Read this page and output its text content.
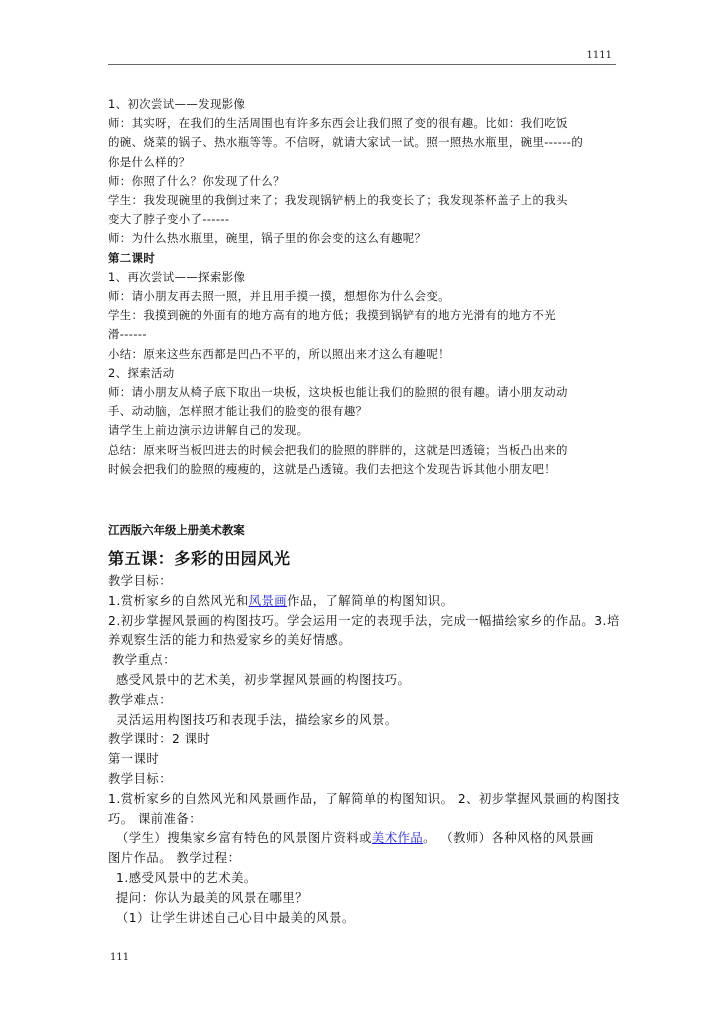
1111

1、初次尝试——发现影像

师：其实呀，在我们的生活周围也有许多东西会让我们照了变的很有趣。比如：我们吃饭

的碗、烧菜的锅子、热水瓶等等。不信呀，就请大家试一试。照一照热水瓶里，碗里------的

你是什么样的？

师：你照了什么？你发现了什么？

学生：我发现碗里的我倒过来了；我发现锅铲柄上的我变长了；我发现茶杯盖子上的我头

变大了脖子变小了------

师：为什么热水瓶里，碗里，锅子里的你会变的这么有趣呢？

第二课时

1、再次尝试——探索影像

师：请小朋友再去照一照，并且用手摸一摸，想想你为什么会变。

学生：我摸到碗的外面有的地方高有的地方低；我摸到锅铲有的地方光滑有的地方不光

滑------

小结：原来这些东西都是凹凸不平的，所以照出来才这么有趣呢！

2、探索活动

师：请小朋友从椅子底下取出一块板，这块板也能让我们的脸照的很有趣。请小朋友动动

手、动动脑，怎样照才能让我们的脸变的很有趣？

请学生上前边演示边讲解自己的发现。

总结：原来呀当板凹进去的时候会把我们的脸照的胖胖的，这就是凹透镜；当板凸出来的

时候会把我们的脸照的瘦瘦的，这就是凸透镜。我们去把这个发现告诉其他小朋友吧！

江西版六年级上册美术教案

第五课：多彩的田园风光

教学目标：

1.赏析家乡的自然风光和风景画作品，了解简单的构图知识。

2.初步掌握风景画的构图技巧。学会运用一定的表现手法，完成一幅描绘家乡的作品。3.培

养观察生活的能力和热爱家乡的美好情感。

教学重点：

感受风景中的艺术美，初步掌握风景画的构图技巧。

教学难点：

灵活运用构图技巧和表现手法，描绘家乡的风景。

教学课时：2 课时

第一课时

教学目标：

1.赏析家乡的自然风光和风景画作品，了解简单的构图知识。 2、初步掌握风景画的构图技

巧。 课前准备：

（学生）搜集家乡富有特色的风景图片资料或美术作品。 （教师）各种风格的风景画

图片作品。 教学过程：

1.感受风景中的艺术美。

提问：你认为最美的风景在哪里？

（1）让学生讲述自己心目中最美的风景。

111
